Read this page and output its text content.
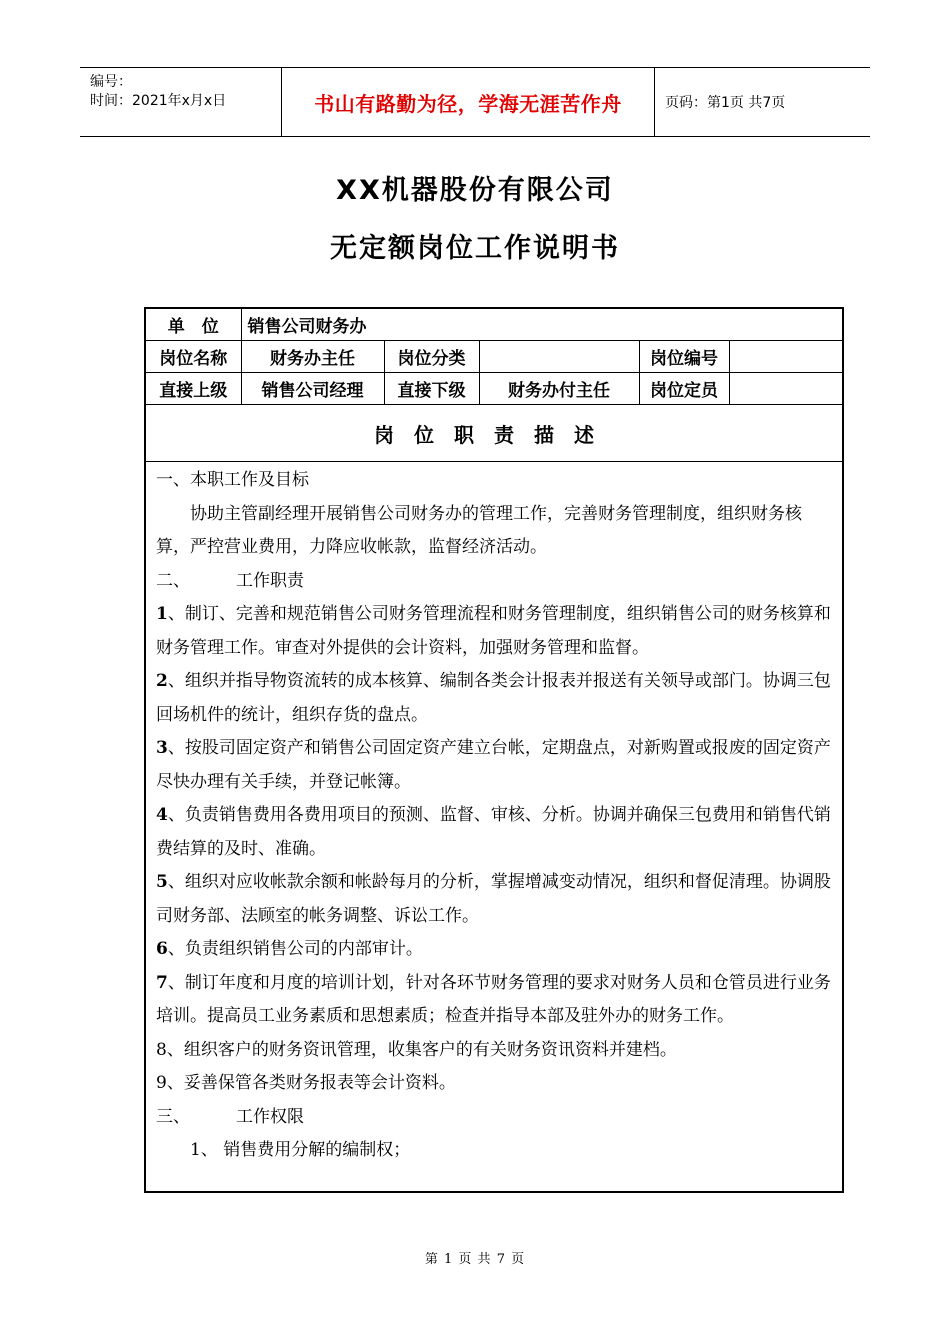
编号：
时间：2021年x月x日	书山有路勤为径，学海无涯苦作舟	页码：第1页 共7页
XX机器股份有限公司
无定额岗位工作说明书
单　位	销售公司财务办				
岗位名称	财务办主任	岗位分类		岗位编号	
直接上级	销售公司经理	直接下级	财务办付主任	岗位定员	
岗位职责描述

一、本职工作及目标

协助主管副经理开展销售公司财务办的管理工作，完善财务管理制度，组织财务核算，严控营业费用，力降应收帐款，监督经济活动。

二、	工作职责

1、制订、完善和规范销售公司财务管理流程和财务管理制度，组织销售公司的财务核算和财务管理工作。审查对外提供的会计资料，加强财务管理和监督。

2、组织并指导物资流转的成本核算、编制各类会计报表并报送有关领导或部门。协调三包回场机件的统计，组织存货的盘点。

3、按股司固定资产和销售公司固定资产建立台帐，定期盘点，对新购置或报废的固定资产尽快办理有关手续，并登记帐簿。

4、负责销售费用各费用项目的预测、监督、审核、分析。协调并确保三包费用和销售代销费结算的及时、准确。

5、组织对应收帐款余额和帐龄每月的分析，掌握增减变动情况，组织和督促清理。协调股司财务部、法顾室的帐务调整、诉讼工作。

6、负责组织销售公司的内部审计。

7、制订年度和月度的培训计划，针对各环节财务管理的要求对财务人员和仓管员进行业务培训。提高员工业务素质和思想素质；检查并指导本部及驻外办的财务工作。

8、组织客户的财务资讯管理，收集客户的有关财务资讯资料并建档。

9、妥善保管各类财务报表等会计资料。

三、	工作权限

1、 销售费用分解的编制权；

第 1 页 共 7 页
